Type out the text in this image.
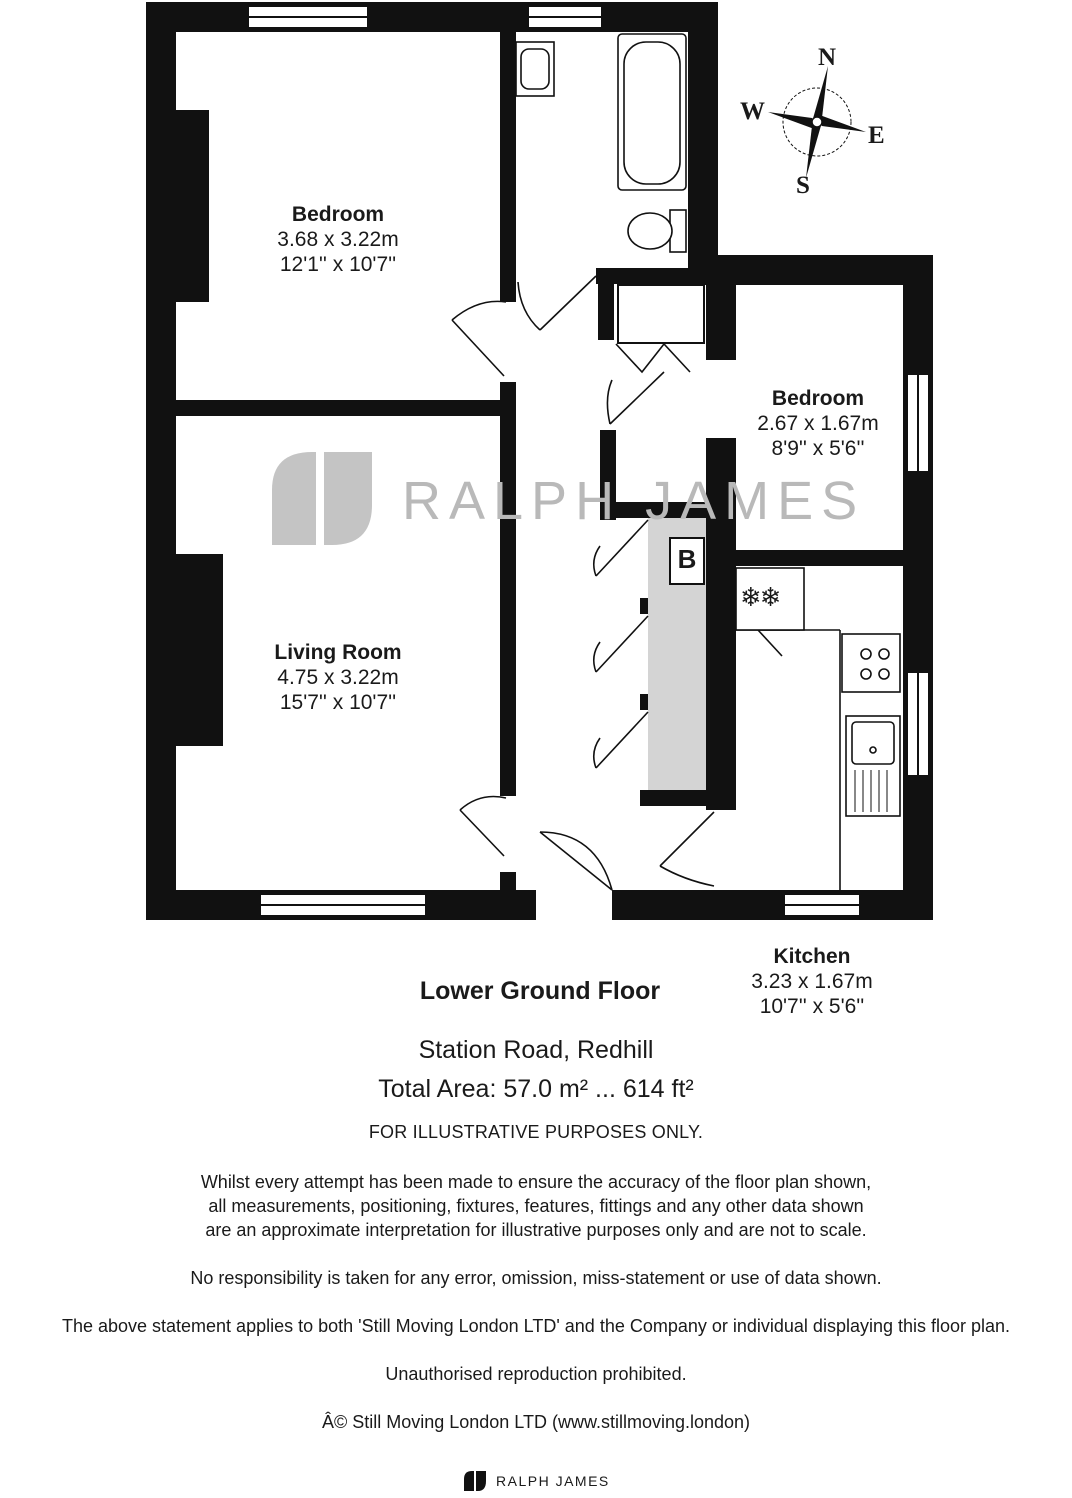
N
S
E
W
RALPH JAMES
Bedroom
3.68 x 3.22m
12'1'' x 10'7''
Living Room
4.75 x 3.22m
15'7'' x 10'7''
Bedroom
2.67 x 1.67m
8'9'' x 5'6''
Kitchen
3.23 x 1.67m
10'7'' x 5'6''
B
❄❄
Lower Ground Floor
Station Road, Redhill
Total Area: 57.0 m² ... 614 ft²
FOR ILLUSTRATIVE PURPOSES ONLY.
Whilst every attempt has been made to ensure the accuracy of the floor plan shown,
all measurements, positioning, fixtures, features, fittings and any other data shown
are an approximate interpretation for illustrative purposes only and are not to scale.
No responsibility is taken for any error, omission, miss-statement or use of data shown.
The above statement applies to both 'Still Moving London LTD' and the Company or individual displaying this floor plan.
Unauthorised reproduction prohibited.
Â© Still Moving London LTD (www.stillmoving.london)
RALPH JAMES
